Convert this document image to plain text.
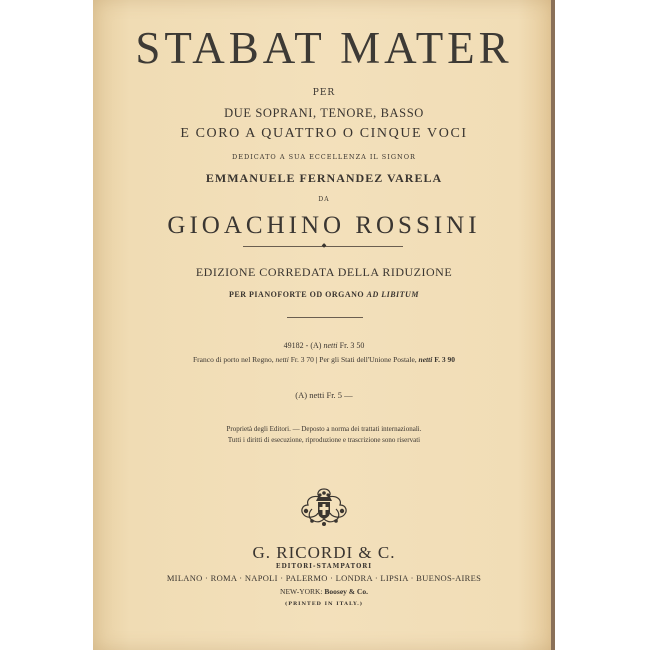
STABAT MATER
PER
DUE SOPRANI, TENORE, BASSO
E CORO A QUATTRO O CINQUE VOCI
DEDICATO A SUA ECCELLENZA IL SIGNOR
EMMANUELE FERNANDEZ VARELA
DA
GIOACHINO ROSSINI
◆
EDIZIONE CORREDATA DELLA RIDUZIONE
PER PIANOFORTE OD ORGANO AD LIBITUM
49182 - (A) netti Fr. 3 50
Franco di porto nel Regno, netti Fr. 3 70 | Per gli Stati dell'Unione Postale, netti F. 3 90
(A) netti Fr. 5 —
Proprietà degli Editori. — Deposto a norma dei trattati internazionali.
Tutti i diritti di esecuzione, riproduzione e trascrizione sono riservati
G. RICORDI & C.
EDITORI-STAMPATORI
MILANO · ROMA · NAPOLI · PALERMO · LONDRA · LIPSIA · BUENOS-AIRES
NEW-YORK: Boosey & Co.
(PRINTED IN ITALY.)
